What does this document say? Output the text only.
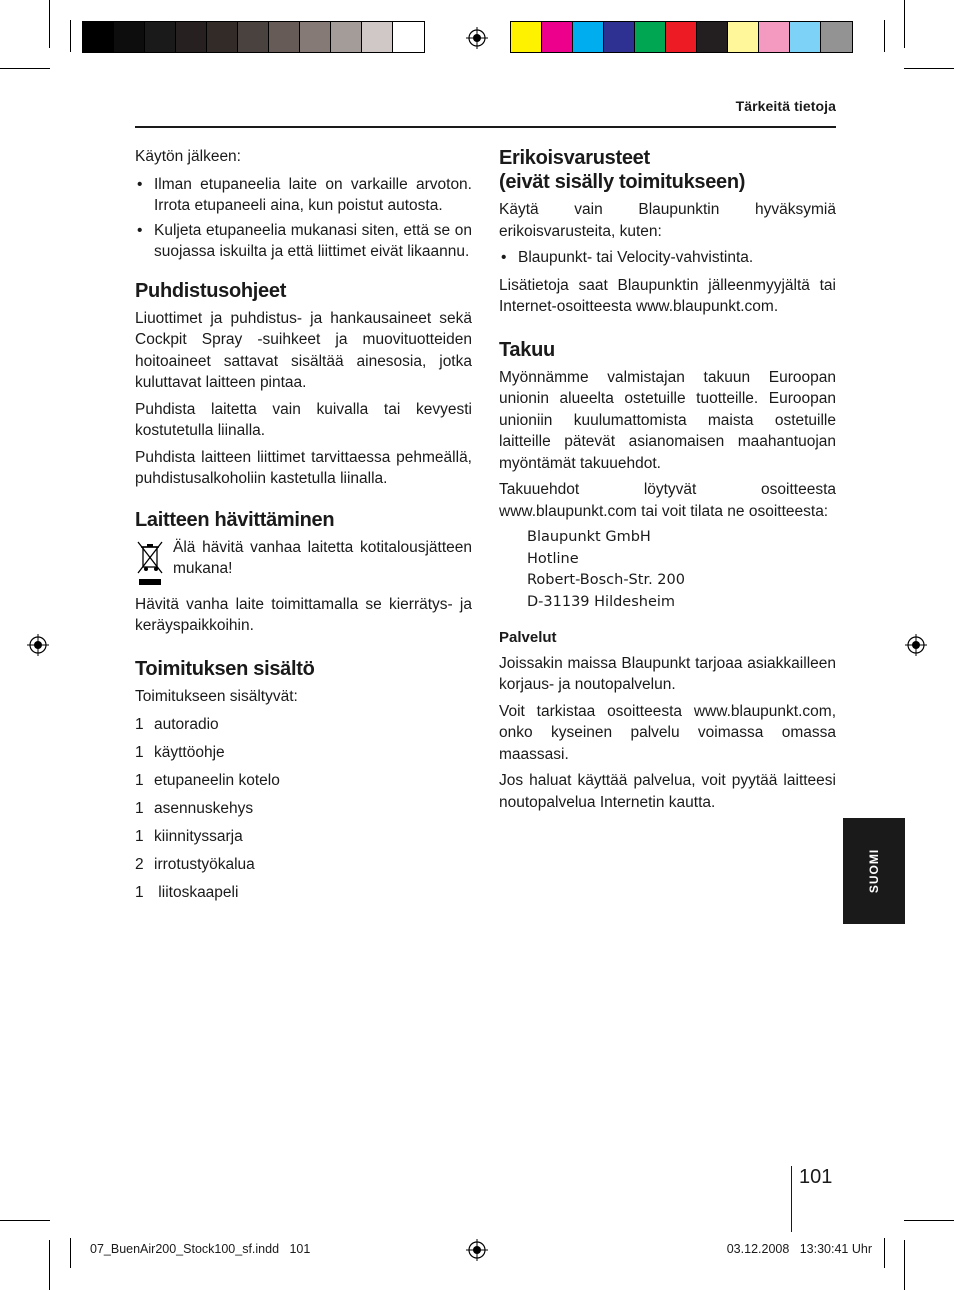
Tärkeitä tietoja

Käytön jälkeen:

• Ilman etupaneelia laite on varkaille arvoton. Irrota etupaneeli aina, kun poistut autosta.
• Kuljeta etupaneelia mukanasi siten, että se on suojassa iskuilta ja että liittimet eivät likaannu.
Puhdistusohjeet

Liuottimet ja puhdistus- ja hankausaineet sekä Cockpit Spray -suihkeet ja muovituotteiden hoitoaineet sattavat sisältää ainesosia, jotka kuluttavat laitteen pintaa.

Puhdista laitetta vain kuivalla tai kevyesti kostutetulla liinalla.

Puhdista laitteen liittimet tarvittaessa pehmeällä, puhdistusalkoholiin kastetulla liinalla.

Laitteen hävittäminen

Älä hävitä vanhaa laitetta kotitalousjätteen mukana!

Hävitä vanha laite toimittamalla se kierrätys- ja keräyspaikkoihin.

Toimituksen sisältö

Toimitukseen sisältyvät:

1 autoradio
1 käyttöohje
1 etupaneelin kotelo
1 asennuskehys
1 kiinnityssarja
2 irrotustyökalua
1 liitoskaapeli
Erikoisvarusteet
(eivät sisälly toimitukseen)

Käytä vain Blaupunktin hyväksymiä erikoisvarusteita, kuten:

• Blaupunkt- tai Velocity-vahvistinta.

Lisätietoja saat Blaupunktin jälleenmyyjältä tai Internet-osoitteesta www.blaupunkt.com.

Takuu

Myönnämme valmistajan takuun Euroopan unionin alueelta ostetuille tuotteille. Euroopan unioniin kuulumattomista maista ostetuille laitteille pätevät asianomaisen maahantuojan myöntämät takuuehdot.

Takuuehdot löytyvät osoitteesta www.blaupunkt.com tai voit tilata ne osoitteesta:

Blaupunkt GmbH
Hotline
Robert-Bosch-Str. 200
D-31139 Hildesheim
Palvelut

Joissakin maissa Blaupunkt tarjoaa asiakkailleen korjaus- ja noutopalvelun.

Voit tarkistaa osoitteesta www.blaupunkt.com, onko kyseinen palvelu voimassa omassa maassasi.

Jos haluat käyttää palvelua, voit pyytää laitteesi noutopalvelua Internetin kautta.

SUOMI
101
07_BuenAir200_Stock100_sf.indd   101	03.12.2008   13:30:41 Uhr
